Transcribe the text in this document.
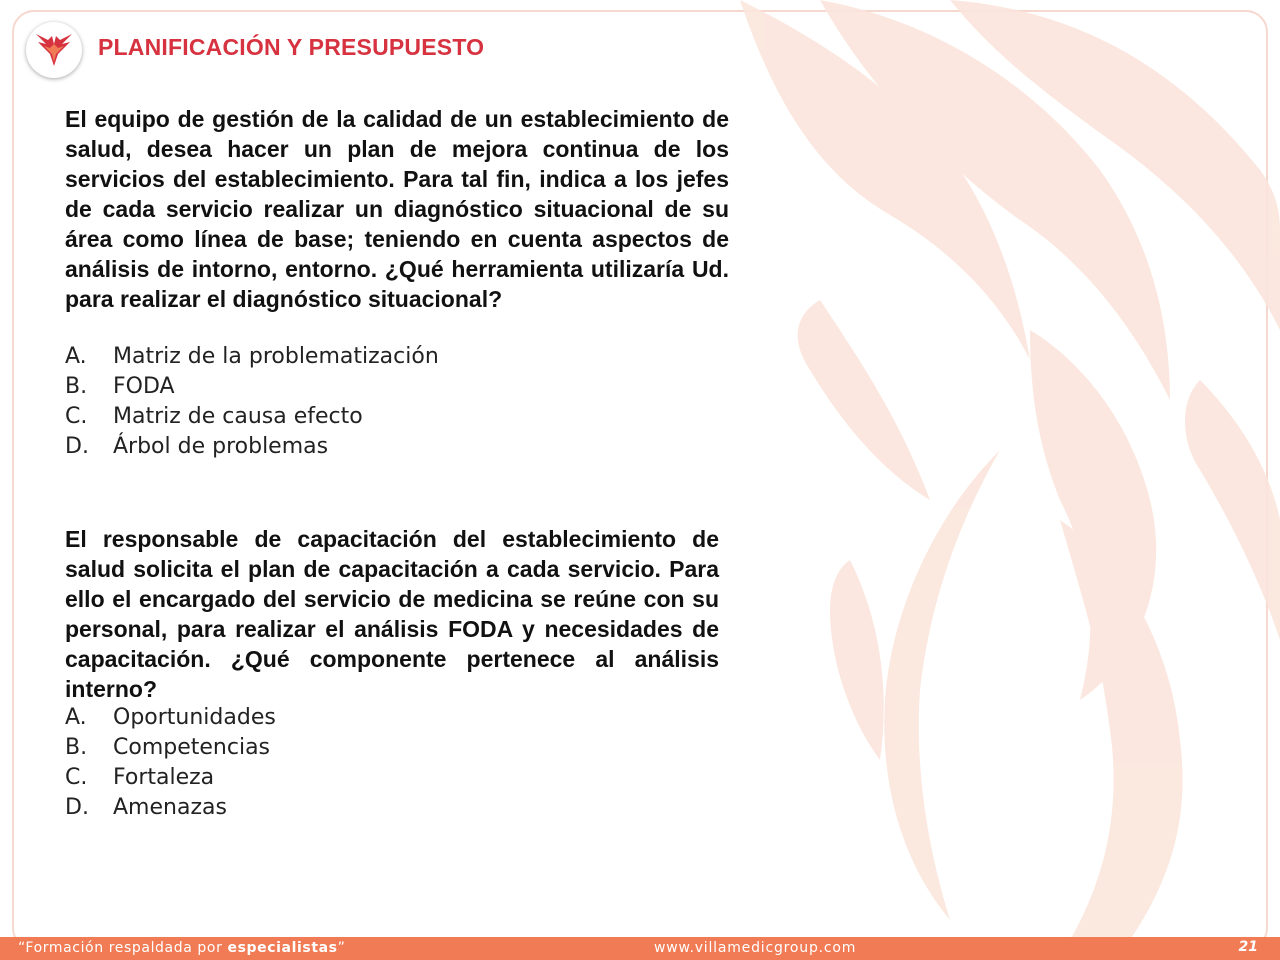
PLANIFICACIÓN Y PRESUPUESTO

El equipo de gestión de la calidad de un establecimiento de salud, desea hacer un plan de mejora continua de los servicios del establecimiento. Para tal fin, indica a los jefes de cada servicio realizar un diagnóstico situacional de su área como línea de base; teniendo en cuenta aspectos de análisis de intorno, entorno. ¿Qué herramienta utilizaría Ud. para realizar el diagnóstico situacional?

A.	Matriz de la problematización
B.	FODA
C.	Matriz de causa efecto
D.	Árbol de problemas

El responsable de capacitación del establecimiento de salud solicita el plan de capacitación a cada servicio. Para ello el encargado del servicio de medicina se reúne con su personal, para realizar el análisis FODA y necesidades de capacitación. ¿Qué componente pertenece al análisis interno?

A.	Oportunidades
B.	Competencias
C.	Fortaleza
D.	Amenazas
“Formación respaldada por especialistas”	www.villamedicgroup.com	21
